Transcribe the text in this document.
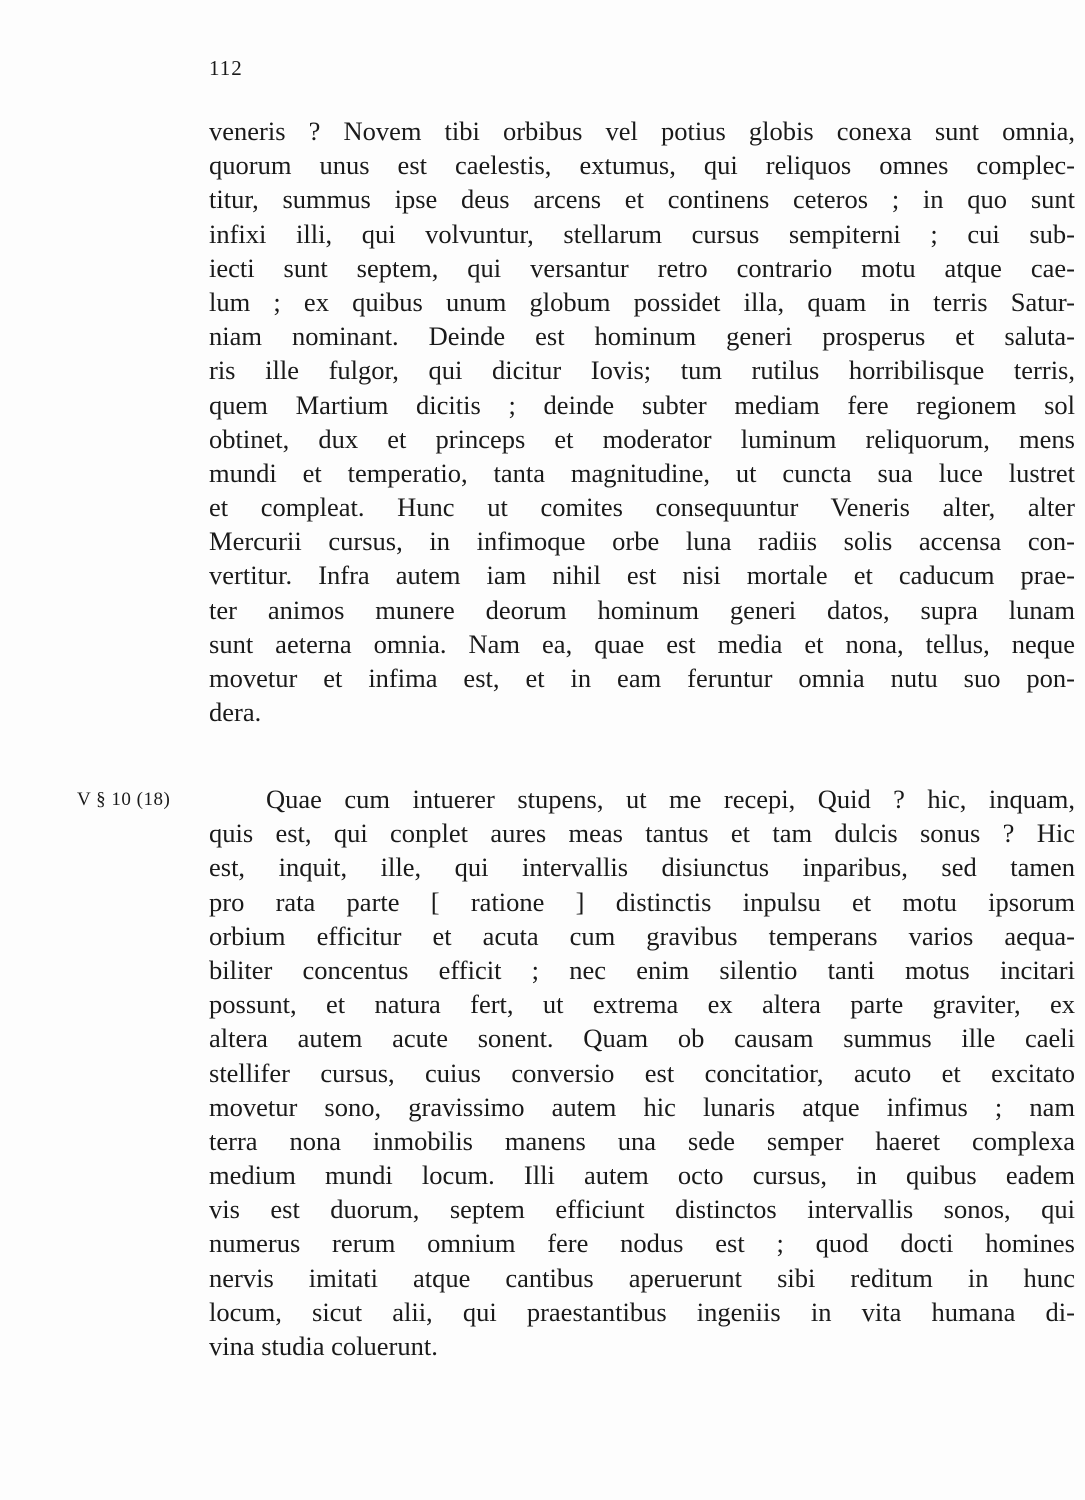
112
V § 10 (18)
veneris ? Novem tibi orbibus vel potius globis conexa sunt omnia,
quorum unus est caelestis, extumus, qui reliquos omnes complec-
titur, summus ipse deus arcens et continens ceteros ; in quo sunt
infixi illi, qui volvuntur, stellarum cursus sempiterni ; cui sub-
iecti sunt septem, qui versantur retro contrario motu atque cae-
lum ; ex quibus unum globum possidet illa, quam in terris Satur-
niam nominant. Deinde est hominum generi prosperus et saluta-
ris ille fulgor, qui dicitur Iovis; tum rutilus horribilisque terris,
quem Martium dicitis ; deinde subter mediam fere regionem sol
obtinet, dux et princeps et moderator luminum reliquorum, mens
mundi et temperatio, tanta magnitudine, ut cuncta sua luce lustret
et compleat. Hunc ut comites consequuntur Veneris alter, alter
Mercurii cursus, in infimoque orbe luna radiis solis accensa con-
vertitur. Infra autem iam nihil est nisi mortale et caducum prae-
ter animos munere deorum hominum generi datos, supra lunam
sunt aeterna omnia. Nam ea, quae est media et nona, tellus, neque
movetur et infima est, et in eam feruntur omnia nutu suo pon-
dera.
Quae cum intuerer stupens, ut me recepi, Quid ? hic, inquam,
quis est, qui conplet aures meas tantus et tam dulcis sonus ? Hic
est, inquit, ille, qui intervallis disiunctus inparibus, sed tamen
pro rata parte [ ratione ] distinctis inpulsu et motu ipsorum
orbium efficitur et acuta cum gravibus temperans varios aequa-
biliter concentus efficit ; nec enim silentio tanti motus incitari
possunt, et natura fert, ut extrema ex altera parte graviter, ex
altera autem acute sonent. Quam ob causam summus ille caeli
stellifer cursus, cuius conversio est concitatior, acuto et excitato
movetur sono, gravissimo autem hic lunaris atque infimus ; nam
terra nona inmobilis manens una sede semper haeret complexa
medium mundi locum. Illi autem octo cursus, in quibus eadem
vis est duorum, septem efficiunt distinctos intervallis sonos, qui
numerus rerum omnium fere nodus est ; quod docti homines
nervis imitati atque cantibus aperuerunt sibi reditum in hunc
locum, sicut alii, qui praestantibus ingeniis in vita humana di-
vina studia coluerunt.
